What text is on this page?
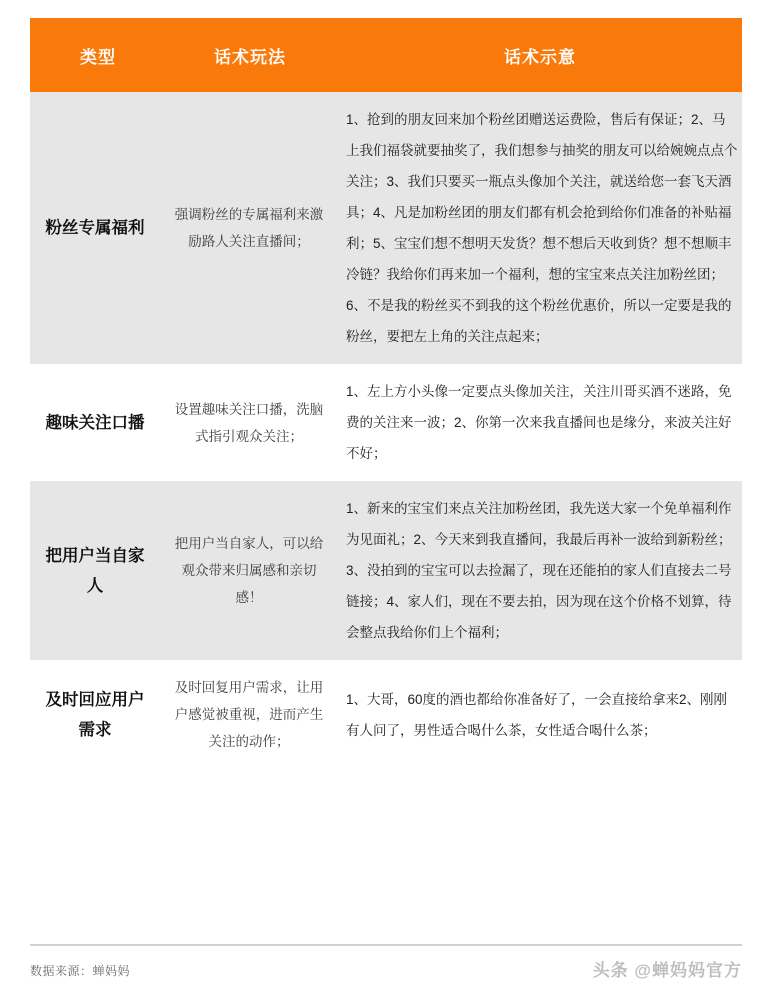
类型	话术玩法	话术示意
粉丝专属福利	强调粉丝的专属福利来激励路人关注直播间；	1、抢到的朋友回来加个粉丝团赠送运费险，售后有保证；2、马上我们福袋就要抽奖了，我们想参与抽奖的朋友可以给婉婉点点个关注；3、我们只要买一瓶点头像加个关注，就送给您一套飞天酒具；4、凡是加粉丝团的朋友们都有机会抢到给你们准备的补贴福利；5、宝宝们想不想明天发货？想不想后天收到货？想不想顺丰冷链？我给你们再来加一个福利，想的宝宝来点关注加粉丝团；6、不是我的粉丝买不到我的这个粉丝优惠价，所以一定要是我的粉丝，要把左上角的关注点起来；

趣味关注口播	设置趣味关注口播，洗脑式指引观众关注；	1、左上方小头像一定要点头像加关注，关注川哥买酒不迷路，免费的关注来一波；2、你第一次来我直播间也是缘分，来波关注好不好；

把用户当自家人	把用户当自家人，可以给观众带来归属感和亲切感！	1、新来的宝宝们来点关注加粉丝团，我先送大家一个免单福利作为见面礼；2、今天来到我直播间，我最后再补一波给到新粉丝；3、没拍到的宝宝可以去捡漏了，现在还能拍的家人们直接去二号链接；4、家人们，现在不要去拍，因为现在这个价格不划算，待会整点我给你们上个福利；

及时回应用户需求	及时回复用户需求，让用户感觉被重视，进而产生关注的动作；	1、大哥，60度的酒也都给你准备好了，一会直接给拿来2、刚刚有人问了，男性适合喝什么茶，女性适合喝什么茶；
数据来源：蝉妈妈	头条 @蝉妈妈官方
